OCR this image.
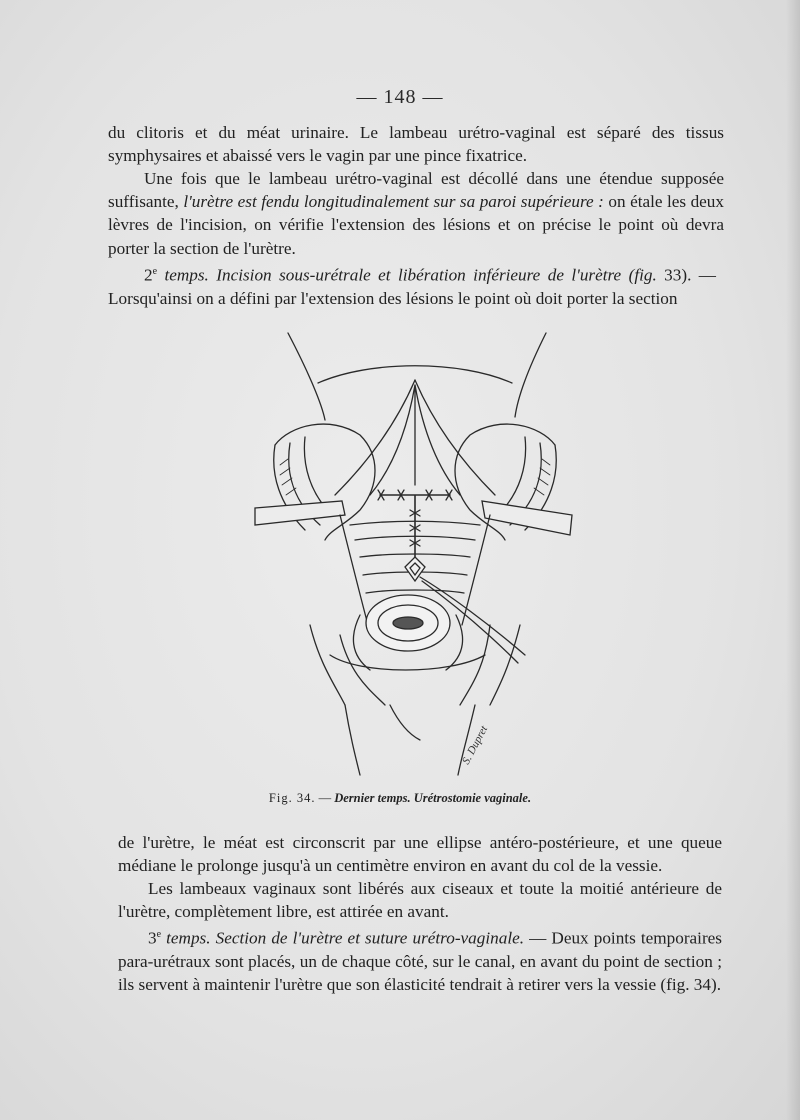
— 148 —

du clitoris et du méat urinaire. Le lambeau urétro-vaginal est séparé des tissus symphysaires et abaissé vers le vagin par une pince fixatrice.

Une fois que le lambeau urétro-vaginal est décollé dans une étendue supposée suffisante, l'urètre est fendu longitudinalement sur sa paroi supérieure : on étale les deux lèvres de l'incision, on vérifie l'extension des lésions et on précise le point où devra porter la section de l'urètre.

2e temps. Incision sous-urétrale et libération inférieure de l'urètre (fig. 33). — Lorsqu'ainsi on a défini par l'extension des lésions le point où doit porter la section

S. Dupret
Fig. 34. — Dernier temps. Urétrostomie vaginale.

de l'urètre, le méat est circonscrit par une ellipse antéro-postérieure, et une queue médiane le prolonge jusqu'à un centimètre environ en avant du col de la vessie.

Les lambeaux vaginaux sont libérés aux ciseaux et toute la moitié antérieure de l'urètre, complètement libre, est attirée en avant.

3e temps. Section de l'urètre et suture urétro-vaginale. — Deux points temporaires para-urétraux sont placés, un de chaque côté, sur le canal, en avant du point de section ; ils servent à maintenir l'urètre que son élasticité tendrait à retirer vers la vessie (fig. 34).
